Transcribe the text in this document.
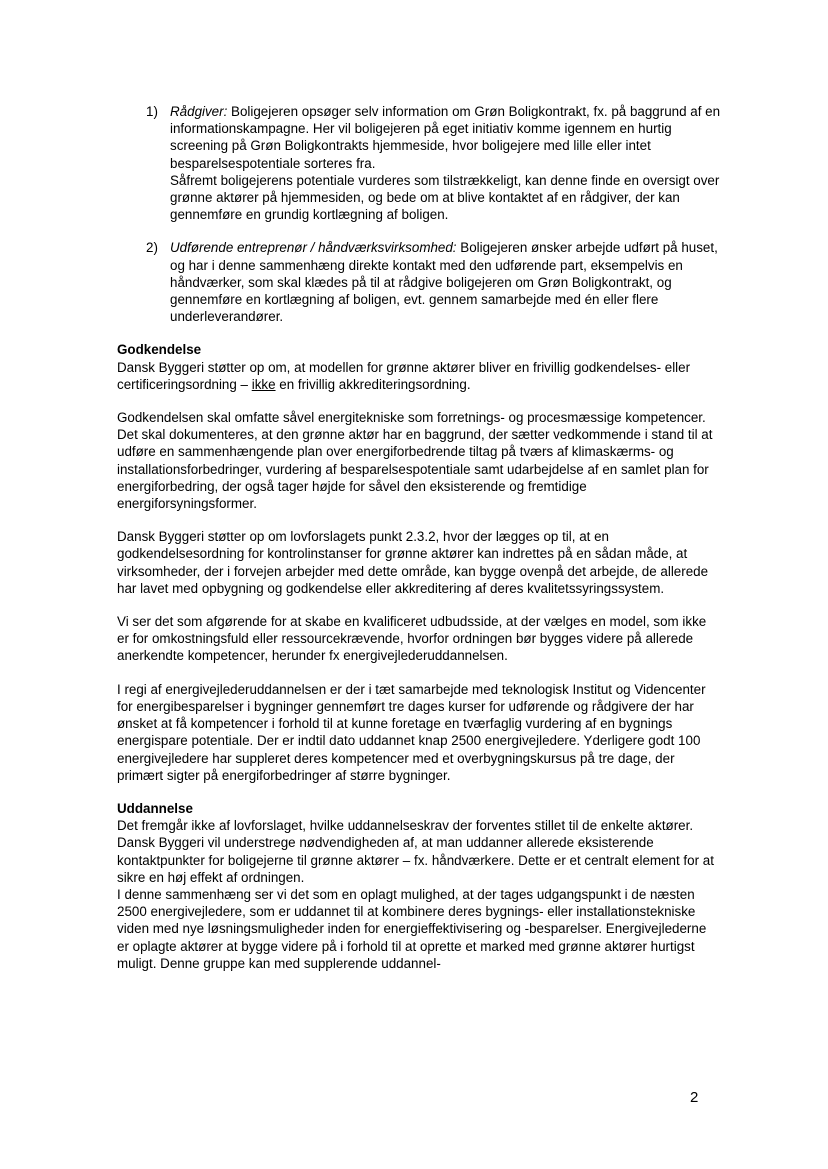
1) Rådgiver: Boligejeren opsøger selv information om Grøn Boligkontrakt, fx. på baggrund af en informationskampagne. Her vil boligejeren på eget initiativ komme igennem en hurtig screening på Grøn Boligkontrakts hjemmeside, hvor boligejere med lille eller intet besparelsespotentiale sorteres fra.
Såfremt boligejerens potentiale vurderes som tilstrækkeligt, kan denne finde en oversigt over grønne aktører på hjemmesiden, og bede om at blive kontaktet af en rådgiver, der kan gennemføre en grundig kortlægning af boligen.
2) Udførende entreprenør / håndværksvirksomhed: Boligejeren ønsker arbejde udført på huset, og har i denne sammenhæng direkte kontakt med den udførende part, eksempelvis en håndværker, som skal klædes på til at rådgive boligejeren om Grøn Boligkontrakt, og gennemføre en kortlægning af boligen, evt. gennem samarbejde med én eller flere underleverandører.
Godkendelse

Dansk Byggeri støtter op om, at modellen for grønne aktører bliver en frivillig godkendelses- eller certificeringsordning – ikke en frivillig akkrediteringsordning.

Godkendelsen skal omfatte såvel energitekniske som forretnings- og procesmæssige kompetencer. Det skal dokumenteres, at den grønne aktør har en baggrund, der sætter vedkommende i stand til at udføre en sammenhængende plan over energiforbedrende tiltag på tværs af klimaskærms- og installationsforbedringer, vurdering af besparelsespotentiale samt udarbejdelse af en samlet plan for energiforbedring, der også tager højde for såvel den eksisterende og fremtidige energiforsyningsformer.

Dansk Byggeri støtter op om lovforslagets punkt 2.3.2, hvor der lægges op til, at en godkendelsesordning for kontrolinstanser for grønne aktører kan indrettes på en sådan måde, at virksomheder, der i forvejen arbejder med dette område, kan bygge ovenpå det arbejde, de allerede har lavet med opbygning og godkendelse eller akkreditering af deres kvalitetssyringssystem.

Vi ser det som afgørende for at skabe en kvalificeret udbudsside, at der vælges en model, som ikke er for omkostningsfuld eller ressourcekrævende, hvorfor ordningen bør bygges videre på allerede anerkendte kompetencer, herunder fx energivejlederuddannelsen.

I regi af energivejlederuddannelsen er der i tæt samarbejde med teknologisk Institut og Videncenter for energibesparelser i bygninger gennemført tre dages kurser for udførende og rådgivere der har ønsket at få kompetencer i forhold til at kunne foretage en tværfaglig vurdering af en bygnings energispare potentiale. Der er indtil dato uddannet knap 2500 energivejledere. Yderligere godt 100 energivejledere har suppleret deres kompetencer med et overbygningskursus på tre dage, der primært sigter på energiforbedringer af større bygninger.

Uddannelse

Det fremgår ikke af lovforslaget, hvilke uddannelseskrav der forventes stillet til de enkelte aktører. Dansk Byggeri vil understrege nødvendigheden af, at man uddanner allerede eksisterende kontaktpunkter for boligejerne til grønne aktører – fx. håndværkere. Dette er et centralt element for at sikre en høj effekt af ordningen.

I denne sammenhæng ser vi det som en oplagt mulighed, at der tages udgangspunkt i de næsten 2500 energivejledere, som er uddannet til at kombinere deres bygnings- eller installationstekniske viden med nye løsningsmuligheder inden for energieffektivisering og -besparelser. Energivejlederne er oplagte aktører at bygge videre på i forhold til at oprette et marked med grønne aktører hurtigst muligt. Denne gruppe kan med supplerende uddannel-

2
